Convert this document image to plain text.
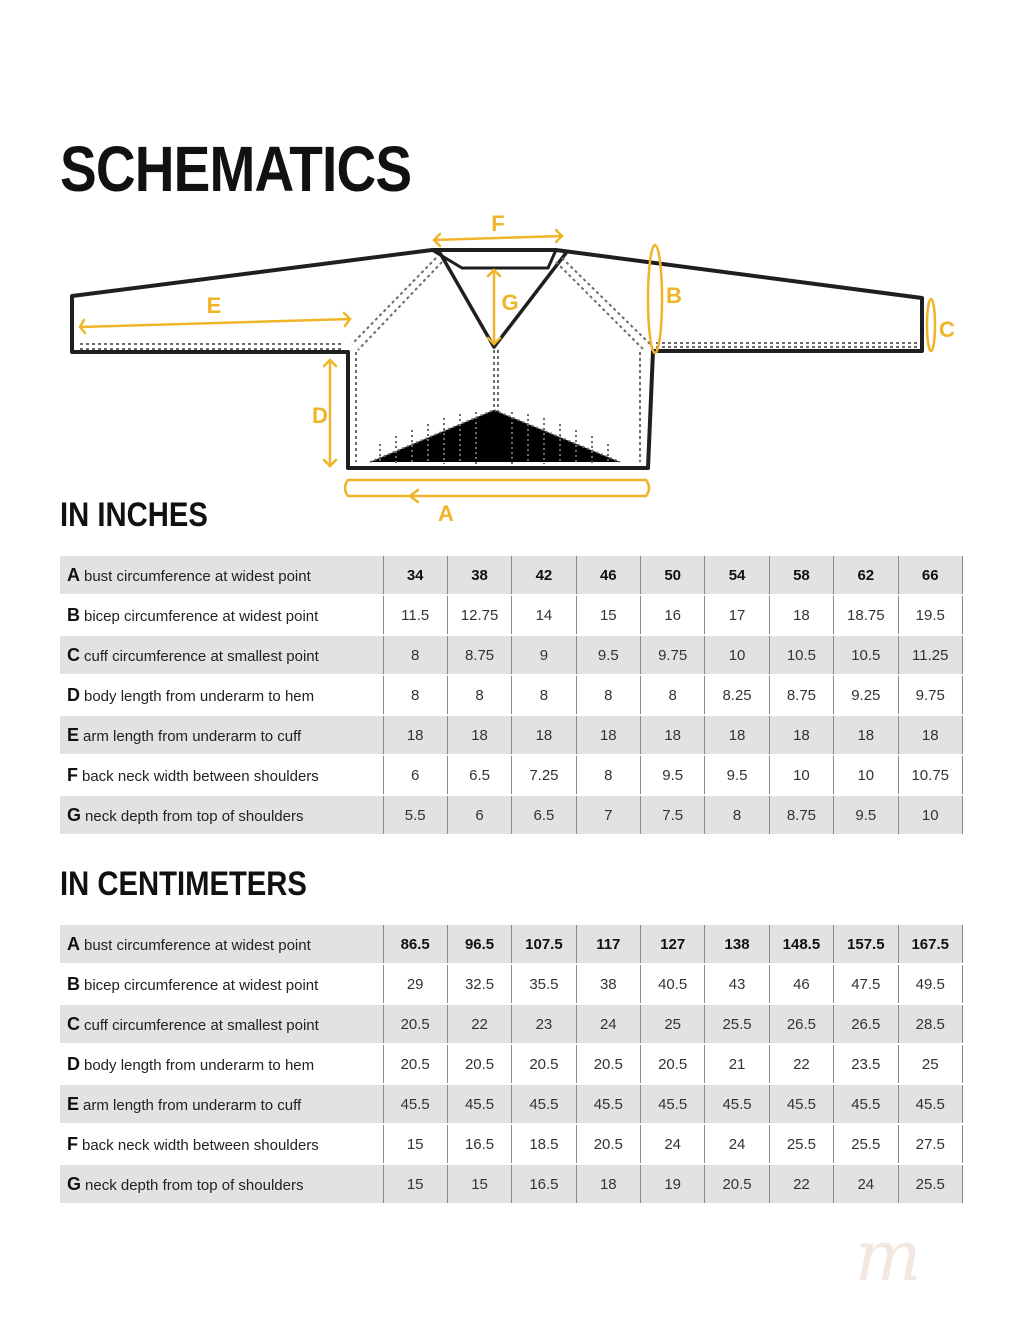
SCHEMATICS
E
F
G	B
C
D
A
IN INCHES
A bust circumference at widest point	34	38	42	46	50	54	58	62	66
B bicep circumference at widest point	11.5	12.75	14	15	16	17	18	18.75	19.5
C cuff circumference at smallest point	8	8.75	9	9.5	9.75	10	10.5	10.5	11.25
D body length from underarm to hem	8	8	8	8	8	8.25	8.75	9.25	9.75
E arm length from underarm to cuff	18	18	18	18	18	18	18	18	18
F back neck width between shoulders	6	6.5	7.25	8	9.5	9.5	10	10	10.75
G neck depth from top of shoulders	5.5	6	6.5	7	7.5	8	8.75	9.5	10
IN CENTIMETERS
A bust circumference at widest point	86.5	96.5	107.5	117	127	138	148.5	157.5	167.5
B bicep circumference at widest point	29	32.5	35.5	38	40.5	43	46	47.5	49.5
C cuff circumference at smallest point	20.5	22	23	24	25	25.5	26.5	26.5	28.5
D body length from underarm to hem	20.5	20.5	20.5	20.5	20.5	21	22	23.5	25
E arm length from underarm to cuff	45.5	45.5	45.5	45.5	45.5	45.5	45.5	45.5	45.5
F back neck width between shoulders	15	16.5	18.5	20.5	24	24	25.5	25.5	27.5
G neck depth from top of shoulders	15	15	16.5	18	19	20.5	22	24	25.5
m
